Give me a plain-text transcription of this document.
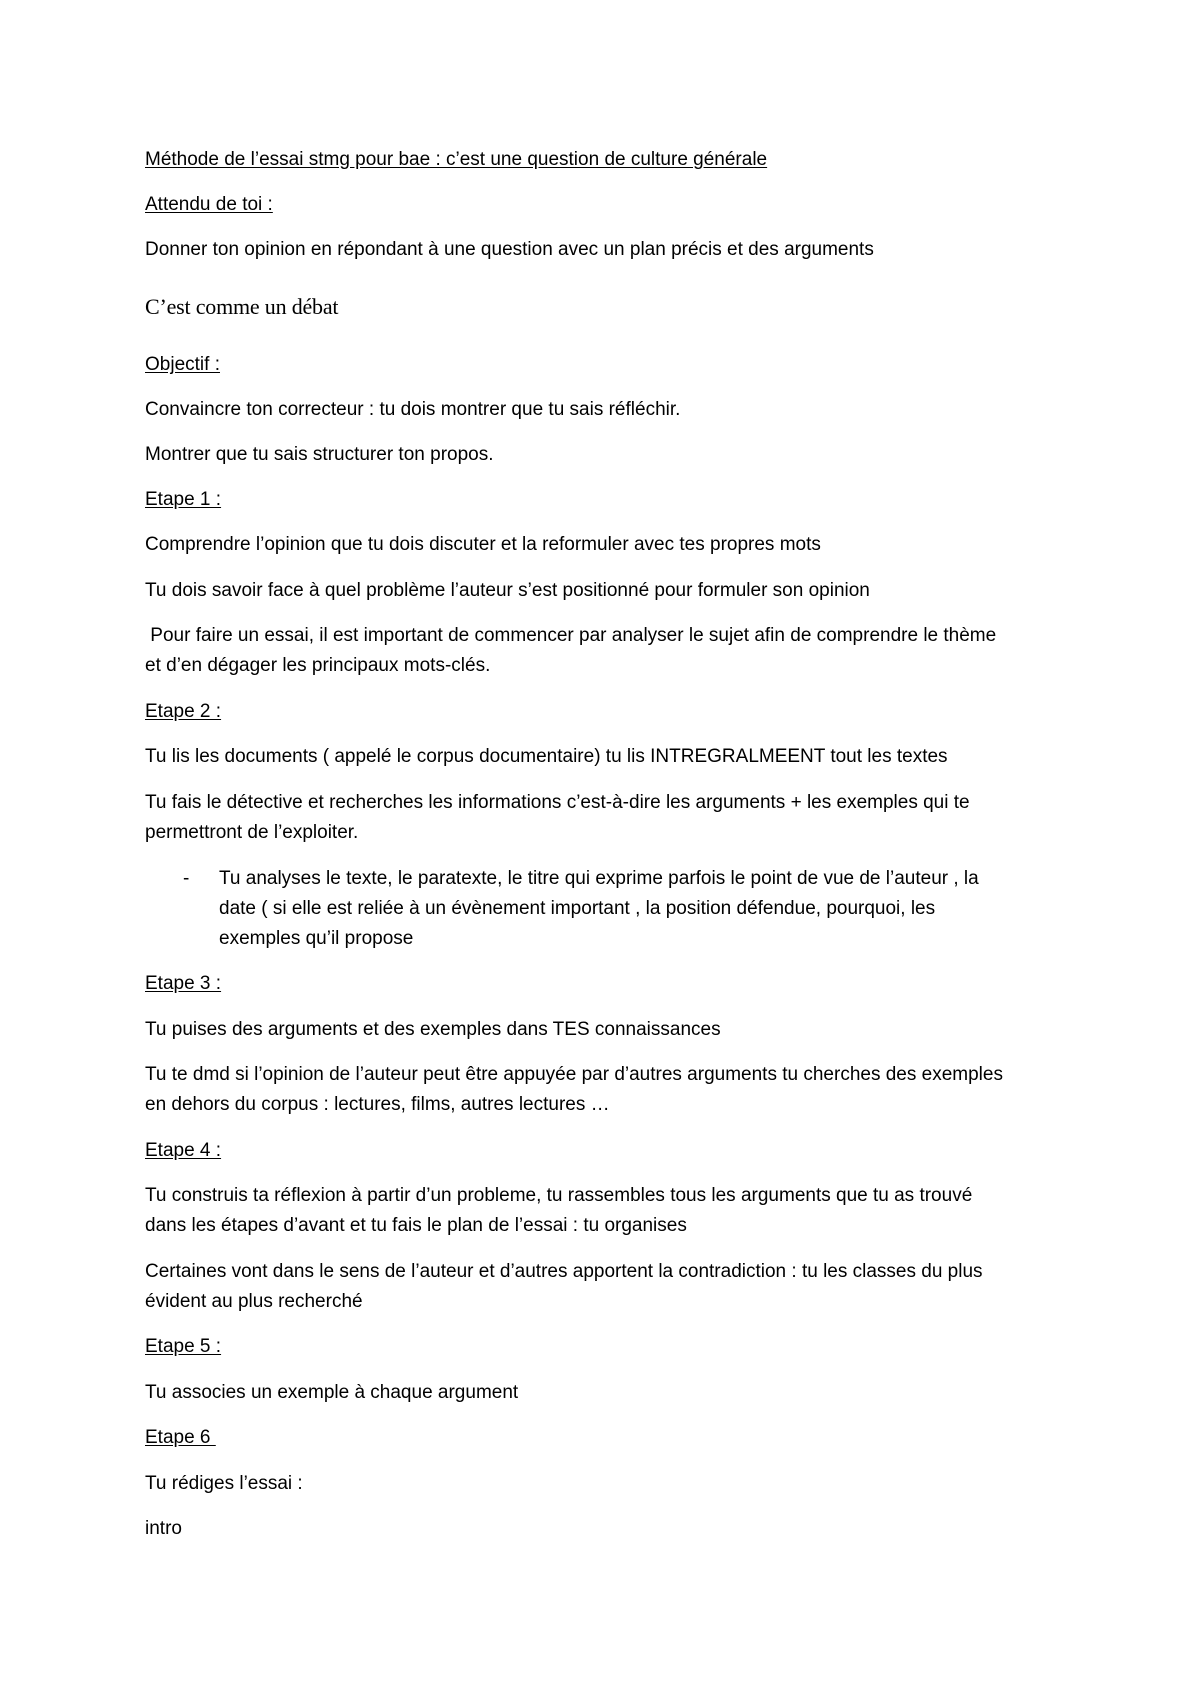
Méthode de l’essai stmg pour bae : c’est une question de culture générale

Attendu de toi :

Donner ton opinion en répondant à une question avec un plan précis et des arguments

C’est comme un débat

Objectif :

Convaincre ton correcteur : tu dois montrer que tu sais réfléchir.

Montrer que tu sais structurer ton propos.

Etape 1 :

Comprendre l’opinion que tu dois discuter et la reformuler avec tes propres mots

Tu dois savoir face à quel problème l’auteur s’est positionné pour formuler son opinion

Pour faire un essai, il est important de commencer par analyser le sujet afin de comprendre le thème

et d’en dégager les principaux mots-clés.

Etape 2 :

Tu lis les documents ( appelé le corpus documentaire) tu lis INTREGRALMEENT tout les textes

Tu fais le détective et recherches les informations c’est-à-dire les arguments + les exemples qui te

permettront de l’exploiter.

- Tu analyses le texte, le paratexte, le titre qui exprime parfois le point de vue de l’auteur , la

date ( si elle est reliée à un évènement important , la position défendue, pourquoi, les

exemples qu’il propose

Etape 3 :

Tu puises des arguments et des exemples dans TES connaissances

Tu te dmd si l’opinion de l’auteur peut être appuyée par d’autres arguments tu cherches des exemples

en dehors du corpus : lectures, films, autres lectures …

Etape 4 :

Tu construis ta réflexion à partir d’un probleme, tu rassembles tous les arguments que tu as trouvé

dans les étapes d’avant et tu fais le plan de l’essai : tu organises

Certaines vont dans le sens de l’auteur et d’autres apportent la contradiction : tu les classes du plus

évident au plus recherché

Etape 5 :

Tu associes un exemple à chaque argument

Etape 6

Tu rédiges l’essai :

intro
